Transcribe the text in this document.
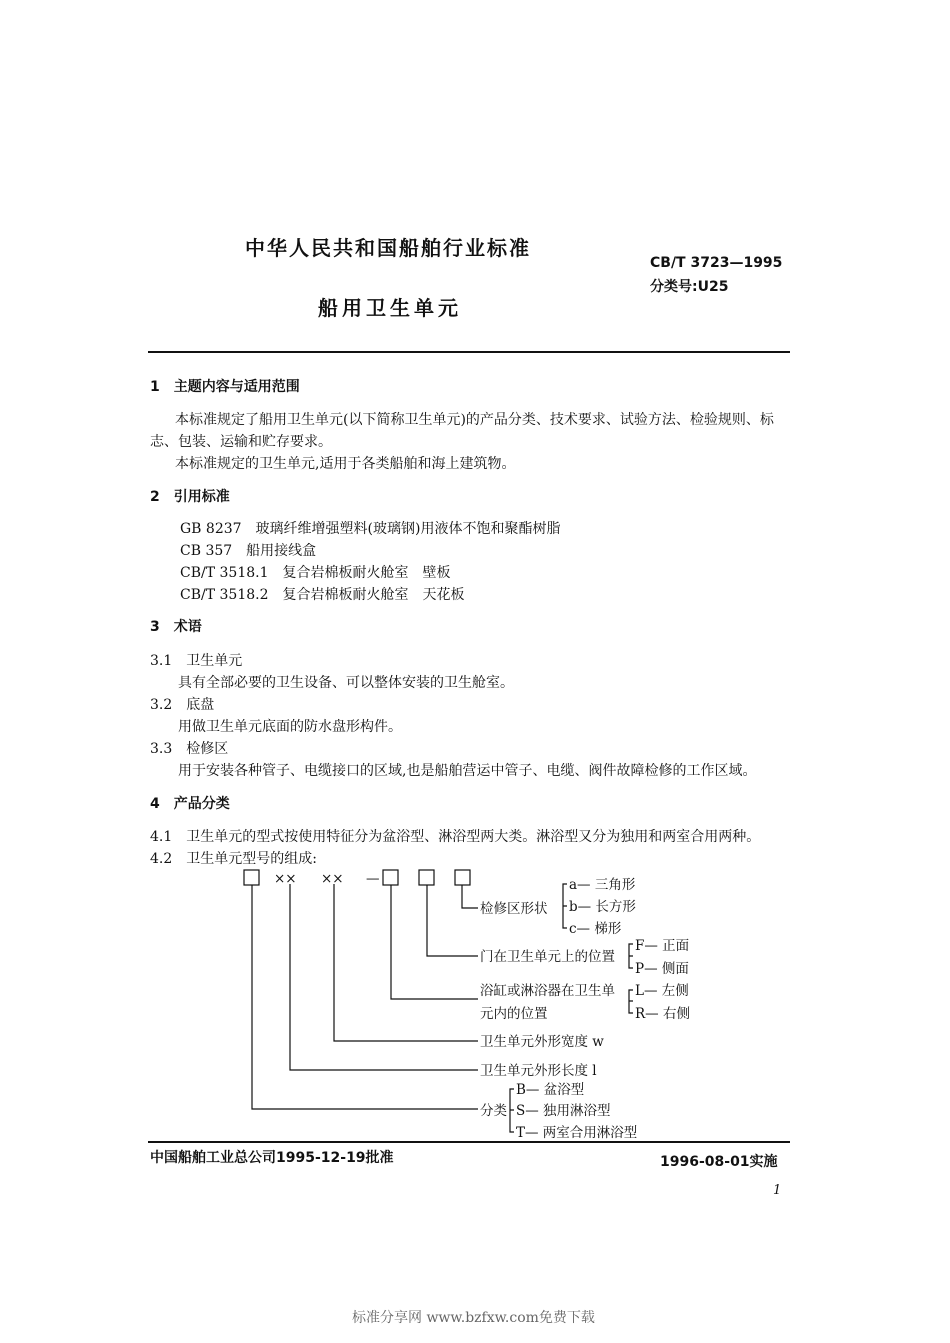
中华人民共和国船舶行业标准
CB/T 3723—1995
分类号:U25
船用卫生单元
1　主题内容与适用范围
本标准规定了船用卫生单元(以下简称卫生单元)的产品分类、技术要求、试验方法、检验规则、标
志、包装、运输和贮存要求。
本标准规定的卫生单元,适用于各类船舶和海上建筑物。
2　引用标准
GB 8237　玻璃纤维增强塑料(玻璃钢)用液体不饱和聚酯树脂
CB 357　船用接线盒
CB/T 3518.1　复合岩棉板耐火舱室　壁板
CB/T 3518.2　复合岩棉板耐火舱室　天花板
3　术语
3.1　卫生单元
具有全部必要的卫生设备、可以整体安装的卫生舱室。
3.2　底盘
用做卫生单元底面的防水盘形构件。
3.3　检修区
用于安装各种管子、电缆接口的区域,也是船舶营运中管子、电缆、阀件故障检修的工作区域。
4　产品分类
4.1　卫生单元的型式按使用特征分为盆浴型、淋浴型两大类。淋浴型又分为独用和两室合用两种。
4.2　卫生单元型号的组成:
×× ×× —
检修区形状
a— 三角形
b— 长方形
c— 梯形
门在卫生单元上的位置
F— 正面
P— 侧面
浴缸或淋浴器在卫生单
元内的位置
L— 左侧
R— 右侧
卫生单元外形宽度 w
卫生单元外形长度 l
分类
B— 盆浴型
S— 独用淋浴型
T— 两室合用淋浴型
中国船舶工业总公司1995-12-19批准	1996-08-01实施
1
标准分享网 www.bzfxw.com免费下载
